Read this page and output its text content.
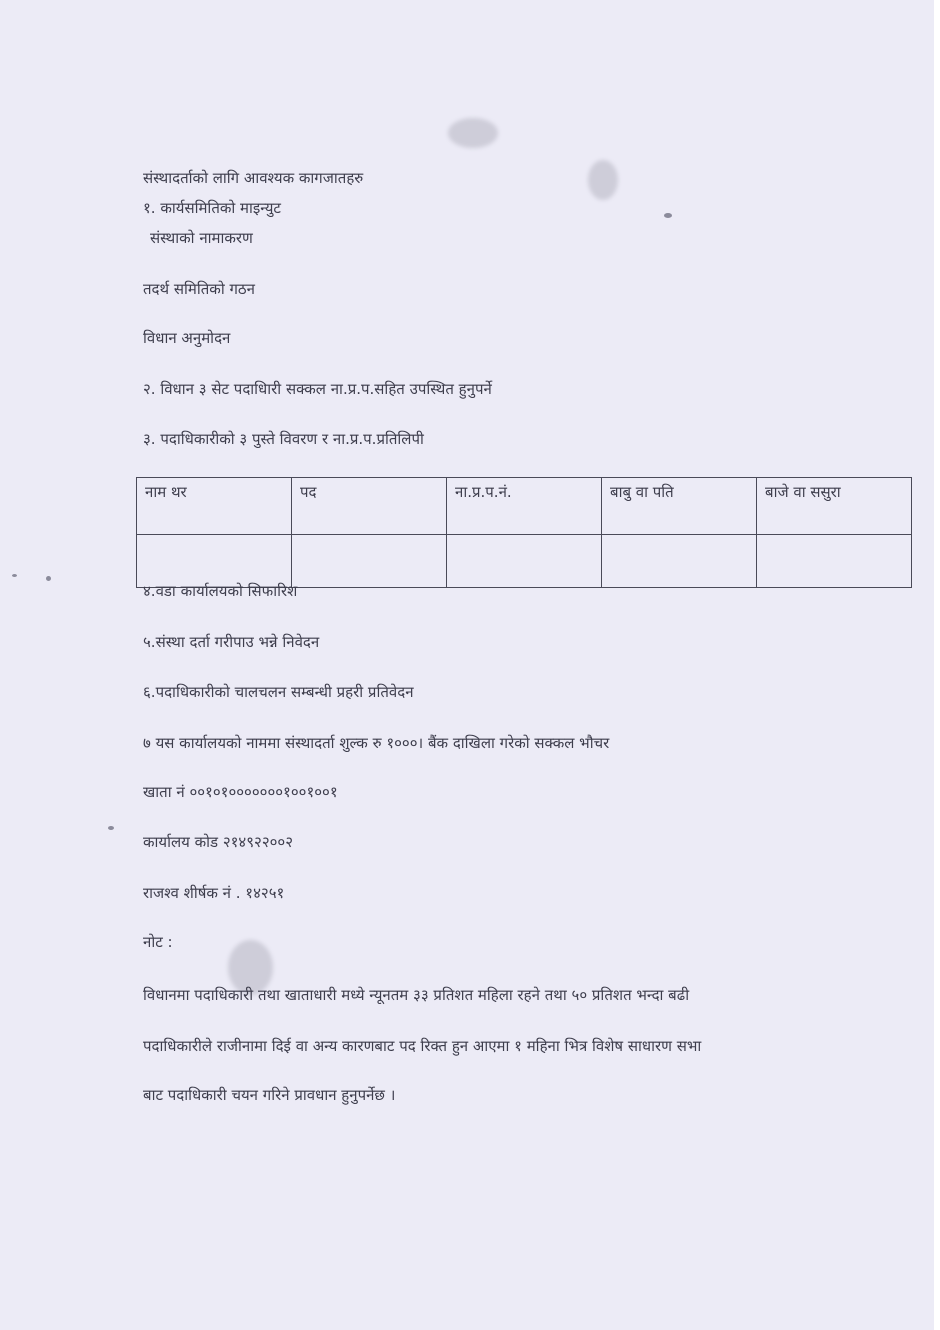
संस्थादर्ताको लागि आवश्यक कागजातहरु
१. कार्यसमितिको माइन्युट
संस्थाको नामाकरण
तदर्थ समितिको गठन
विधान अनुमोदन
२. विधान ३ सेट पदाधिारी सक्कल ना.प्र.प.सहित उपस्थित हुनुपर्ने
३. पदाधिकारीको ३ पुस्ते विवरण र ना.प्र.प.प्रतिलिपी
नाम थर	पद	ना.प्र.प.नं.	बाबु वा पति	बाजे वा ससुरा

४.वडा कार्यालयको सिफारिश
५.संस्था दर्ता गरीपाउ भन्ने निवेदन
६.पदाधिकारीको चालचलन सम्बन्धी प्रहरी प्रतिवेदन
७ यस कार्यालयको नाममा संस्थादर्ता शुल्क रु १०००। बैंक दाखिला गरेको सक्कल भौचर
खाता नं ००१०१०००००००१००१००१
कार्यालय कोड २१४९२२००२
राजश्व शीर्षक नं . १४२५१
नोट :
विधानमा पदाधिकारी तथा खाताधारी मध्ये न्यूनतम ३३ प्रतिशत महिला रहने तथा ५० प्रतिशत भन्दा बढी
पदाधिकारीले राजीनामा दिई वा अन्य कारणबाट पद रिक्त हुन आएमा १ महिना भित्र विशेष साधारण सभा
बाट पदाधिकारी चयन गरिने प्रावधान हुनुपर्नेछ ।
